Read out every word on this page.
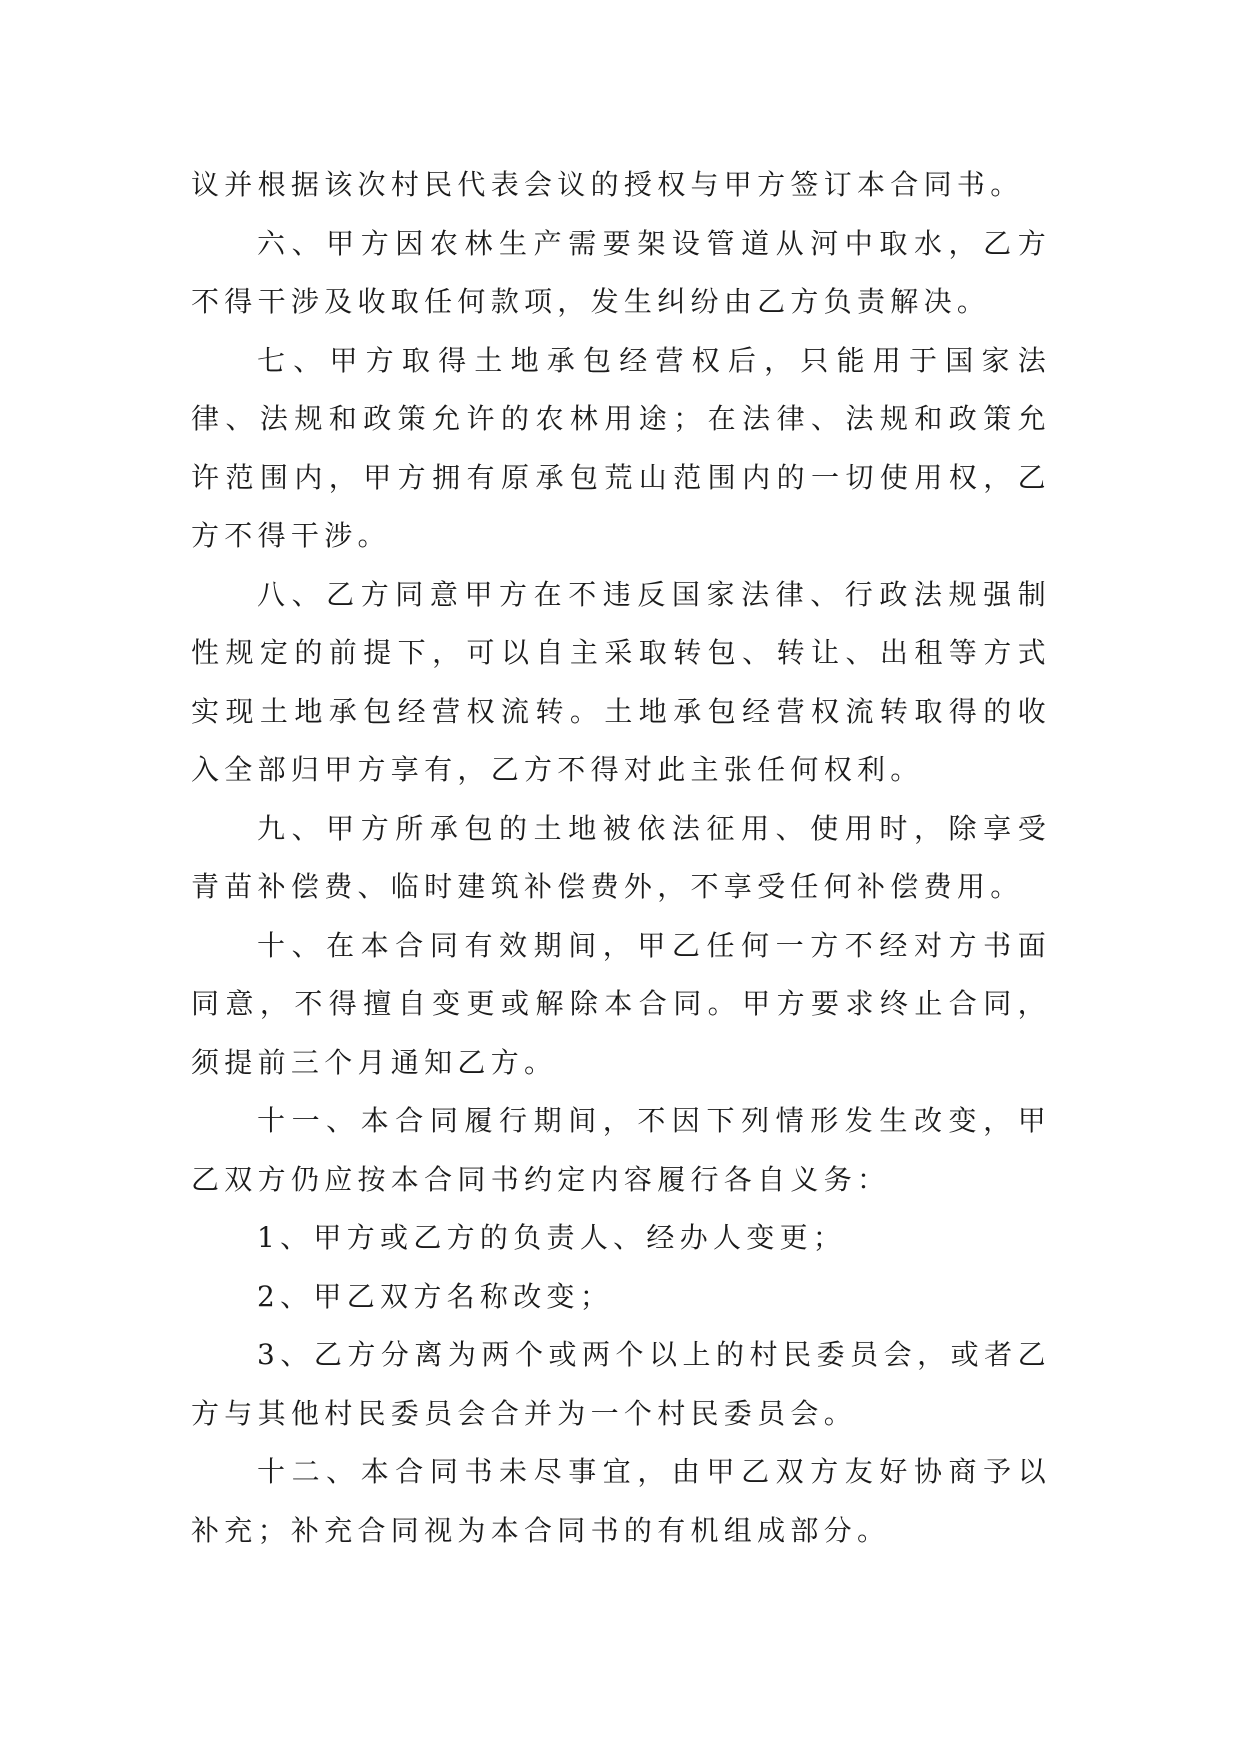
议并根据该次村民代表会议的授权与甲方签订本合同书。

六、甲方因农林生产需要架设管道从河中取水，乙方不得干涉及收取任何款项，发生纠纷由乙方负责解决。

七、甲方取得土地承包经营权后，只能用于国家法律、法规和政策允许的农林用途；在法律、法规和政策允许范围内，甲方拥有原承包荒山范围内的一切使用权，乙方不得干涉。

八、乙方同意甲方在不违反国家法律、行政法规强制性规定的前提下，可以自主采取转包、转让、出租等方式实现土地承包经营权流转。土地承包经营权流转取得的收入全部归甲方享有，乙方不得对此主张任何权利。

九、甲方所承包的土地被依法征用、使用时，除享受青苗补偿费、临时建筑补偿费外，不享受任何补偿费用。

十、在本合同有效期间，甲乙任何一方不经对方书面同意，不得擅自变更或解除本合同。甲方要求终止合同，须提前三个月通知乙方。

十一、本合同履行期间，不因下列情形发生改变，甲乙双方仍应按本合同书约定内容履行各自义务：

1、甲方或乙方的负责人、经办人变更；

2、甲乙双方名称改变；

3、乙方分离为两个或两个以上的村民委员会，或者乙方与其他村民委员会合并为一个村民委员会。

十二、本合同书未尽事宜，由甲乙双方友好协商予以补充；补充合同视为本合同书的有机组成部分。
